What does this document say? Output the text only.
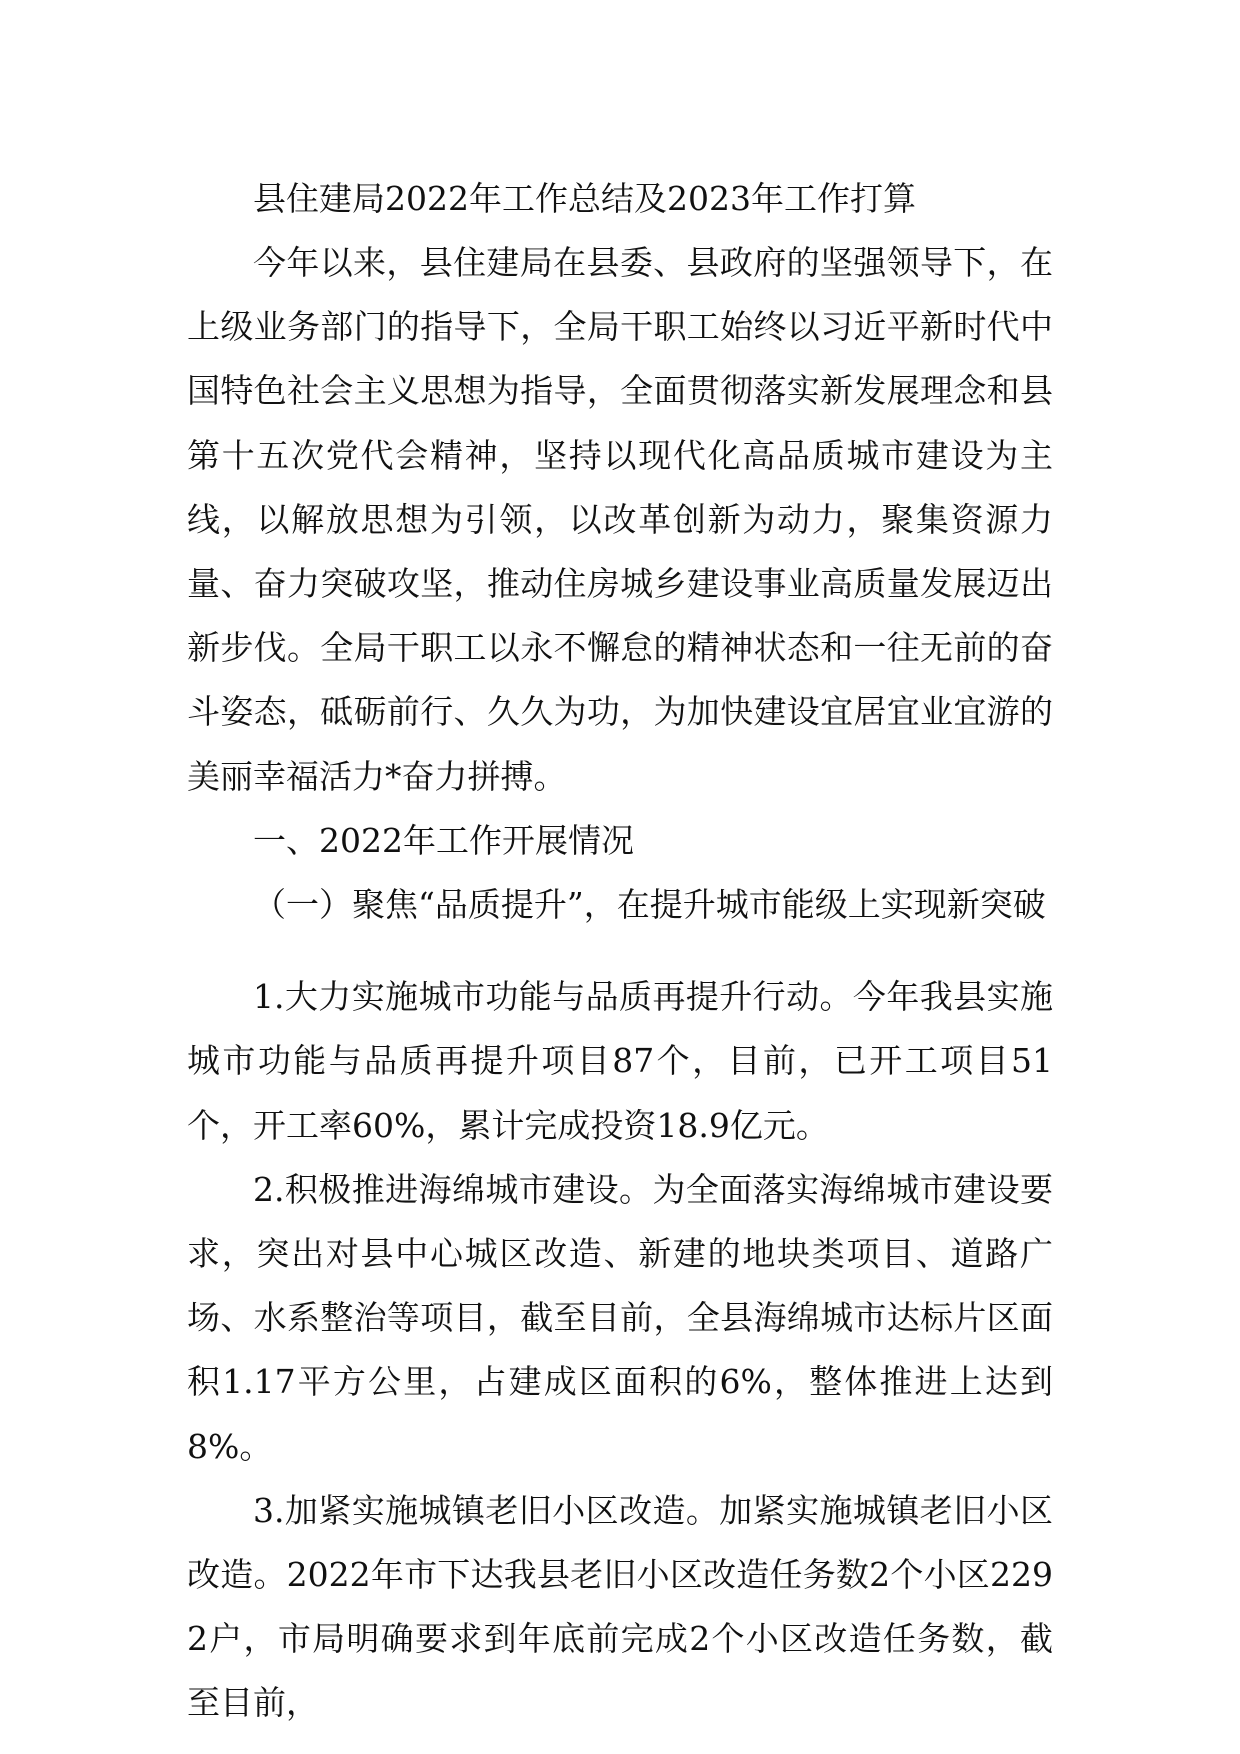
县住建局2022年工作总结及2023年工作打算

今年以来，县住建局在县委、县政府的坚强领导下，在上级业务部门的指导下，全局干职工始终以习近平新时代中国特色社会主义思想为指导，全面贯彻落实新发展理念和县第十五次党代会精神，坚持以现代化高品质城市建设为主线，以解放思想为引领，以改革创新为动力，聚集资源力量、奋力突破攻坚，推动住房城乡建设事业高质量发展迈出新步伐。全局干职工以永不懈怠的精神状态和一往无前的奋斗姿态，砥砺前行、久久为功，为加快建设宜居宜业宜游的美丽幸福活力*奋力拼搏。

一、2022年工作开展情况

（一）聚焦“品质提升”，在提升城市能级上实现新突破

1.大力实施城市功能与品质再提升行动。今年我县实施城市功能与品质再提升项目87个，目前，已开工项目51个，开工率60%，累计完成投资18.9亿元。

2.积极推进海绵城市建设。为全面落实海绵城市建设要求，突出对县中心城区改造、新建的地块类项目、道路广场、水系整治等项目，截至目前，全县海绵城市达标片区面积1.17平方公里，占建成区面积的6%，整体推进上达到8%。

3.加紧实施城镇老旧小区改造。加紧实施城镇老旧小区改造。2022年市下达我县老旧小区改造任务数2个小区2292户，市局明确要求到年底前完成2个小区改造任务数，截至目前，
